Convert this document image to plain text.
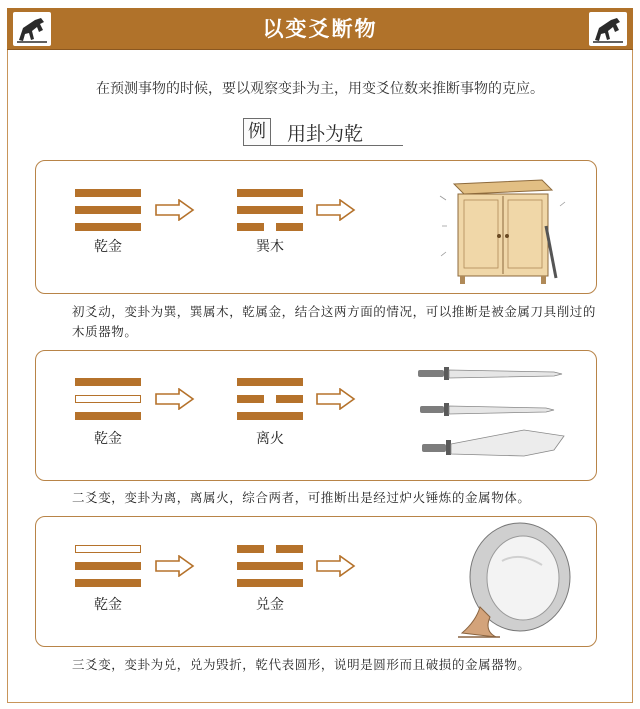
以变爻断物
在预测事物的时候，要以观察变卦为主，用变爻位数来推断事物的克应。
例 用卦为乾
乾金	巽木
初爻动，变卦为巽，巽属木，乾属金，结合这两方面的情况，可以推断是被金属刀具削过的木质器物。
乾金	离火
二爻变，变卦为离，离属火，综合两者，可推断出是经过炉火锤炼的金属物体。
乾金	兑金
三爻变，变卦为兑，兑为毁折，乾代表圆形，说明是圆形而且破损的金属器物。
